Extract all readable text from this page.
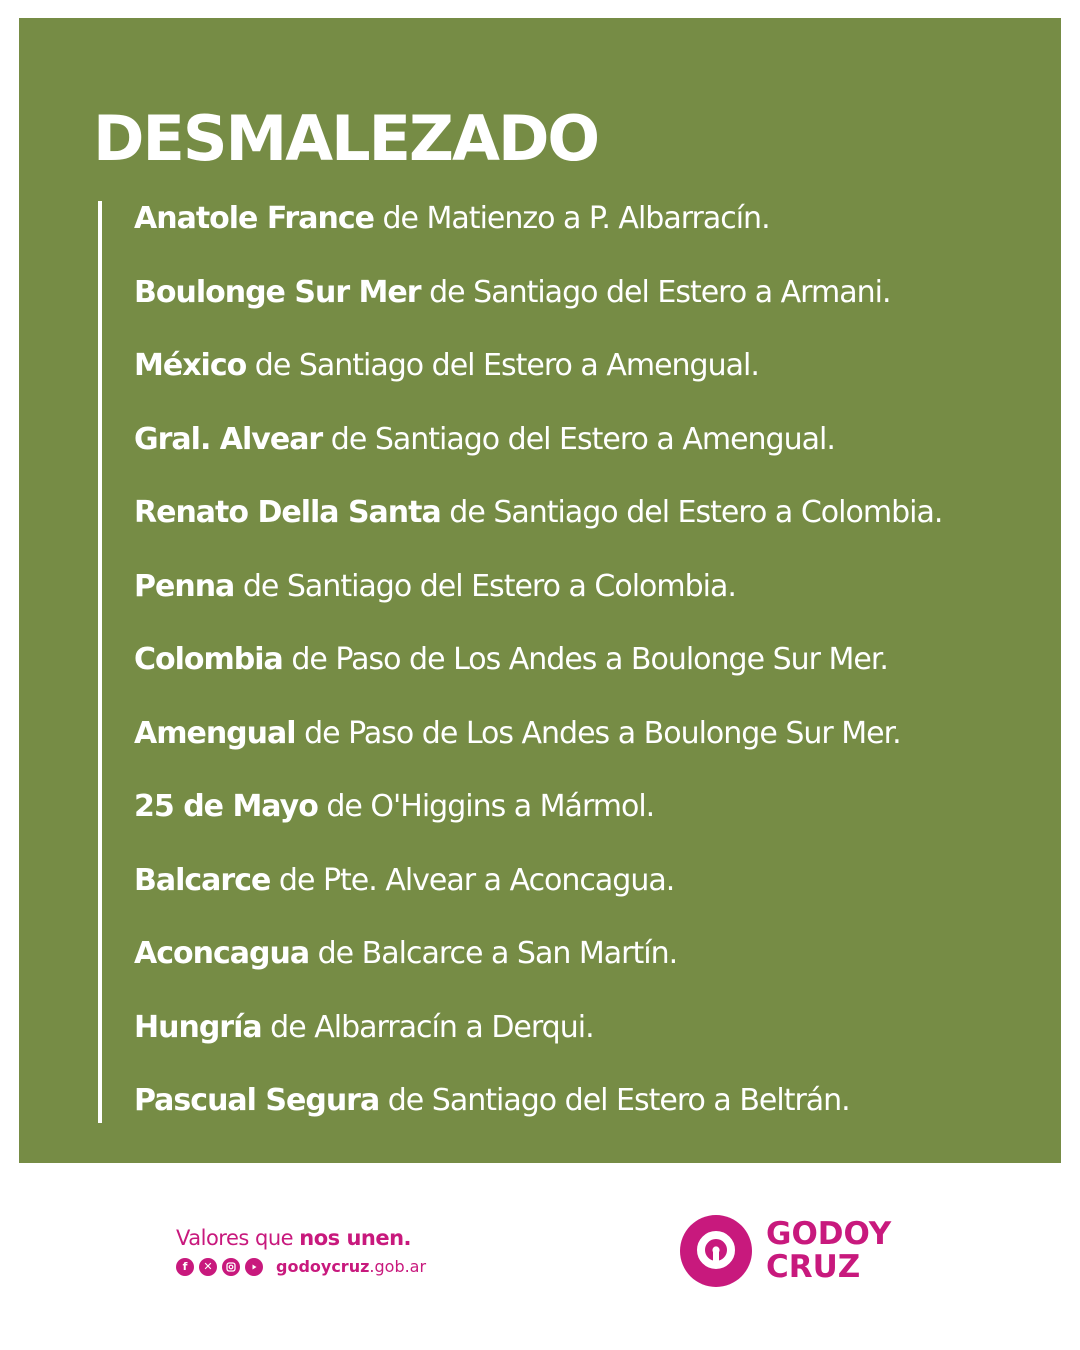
DESMALEZADO
Anatole France de Matienzo a P. Albarracín.
Boulonge Sur Mer de Santiago del Estero a Armani.
México de Santiago del Estero a Amengual.
Gral. Alvear de Santiago del Estero a Amengual.
Renato Della Santa de Santiago del Estero a Colombia.
Penna de Santiago del Estero a Colombia.
Colombia de Paso de Los Andes a Boulonge Sur Mer.
Amengual de Paso de Los Andes a Boulonge Sur Mer.
25 de Mayo de O'Higgins a Mármol.
Balcarce de Pte. Alvear a Aconcagua.
Aconcagua de Balcarce a San Martín.
Hungría de Albarracín a Derqui.
Pascual Segura de Santiago del Estero a Beltrán.
Valores que nos unen.
f	✕	godoycruz.gob.ar
GODOY
CRUZ
